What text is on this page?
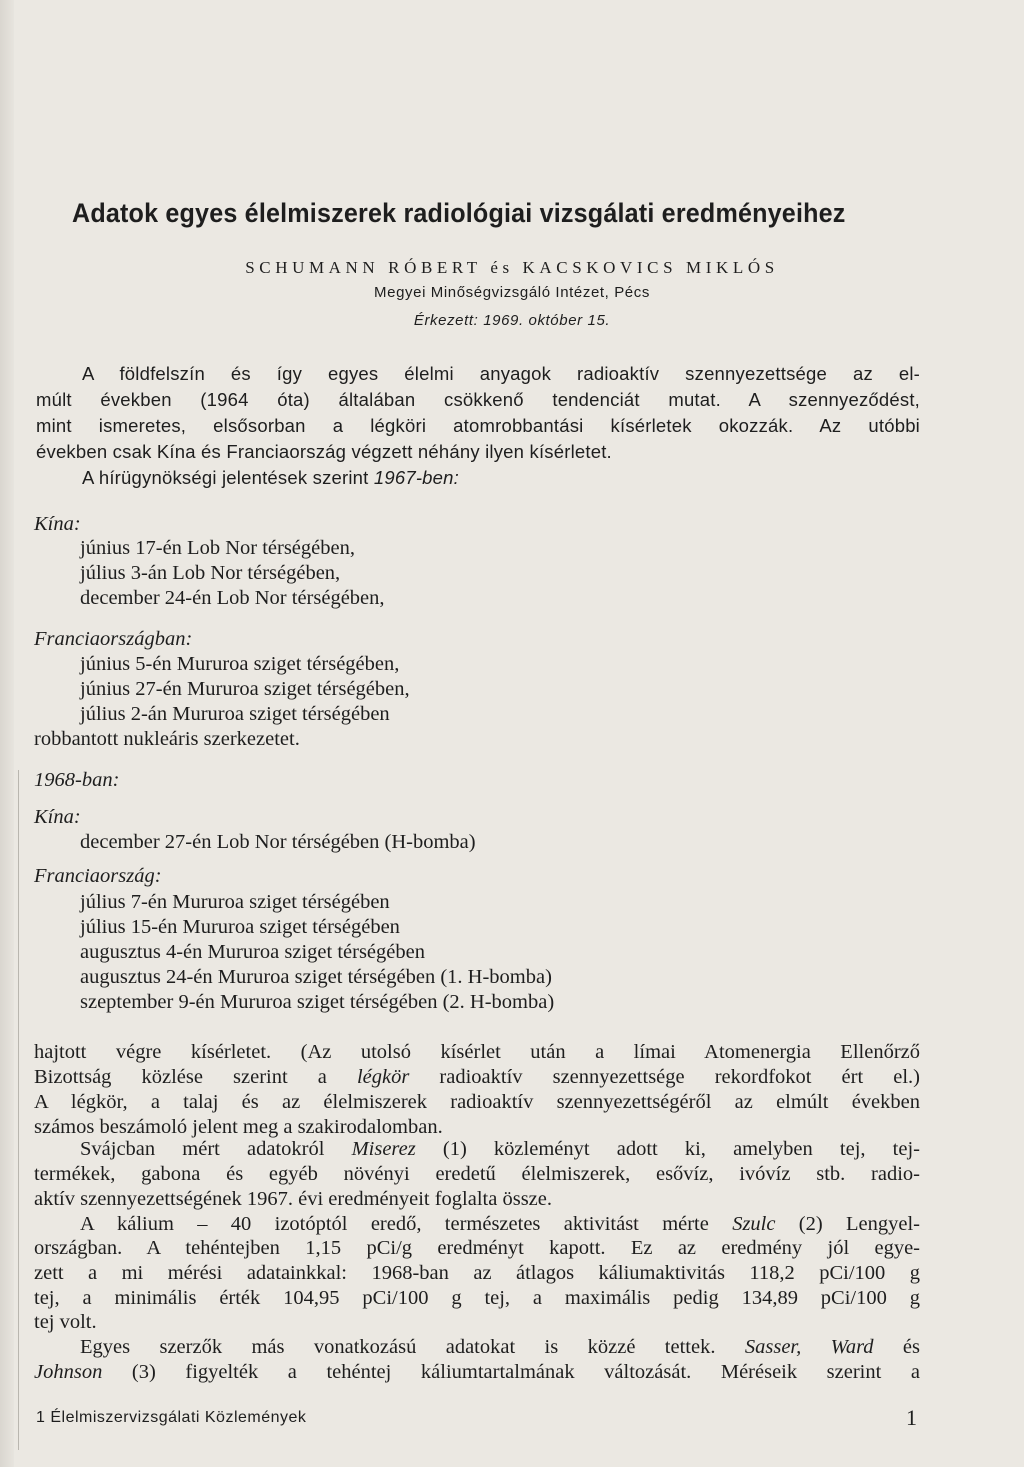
Adatok egyes élelmiszerek radiológiai vizsgálati eredményeihez
SCHUMANN RÓBERT és KACSKOVICS MIKLÓS
Megyei Minőségvizsgáló Intézet, Pécs
Érkezett: 1969. október 15.
A földfelszín és így egyes élelmi anyagok radioaktív szennyezettsége az el-
múlt években (1964 óta) általában csökkenő tendenciát mutat. A szennyeződést,
mint ismeretes, elsősorban a légköri atomrobbantási kísérletek okozzák. Az utóbbi
években csak Kína és Franciaország végzett néhány ilyen kísérletet.
A hírügynökségi jelentések szerint 1967-ben:
Kína:
június 17-én Lob Nor térségében,
július 3-án Lob Nor térségében,
december 24-én Lob Nor térségében,
Franciaországban:
június 5-én Mururoa sziget térségében,
június 27-én Mururoa sziget térségében,
július 2-án Mururoa sziget térségében
robbantott nukleáris szerkezetet.
1968-ban:
Kína:
december 27-én Lob Nor térségében (H-bomba)
Franciaország:
július 7-én Mururoa sziget térségében
július 15-én Mururoa sziget térségében
augusztus 4-én Mururoa sziget térségében
augusztus 24-én Mururoa sziget térségében (1. H-bomba)
szeptember 9-én Mururoa sziget térségében (2. H-bomba)
hajtott végre kísérletet. (Az utolsó kísérlet után a límai Atomenergia Ellenőrző
Bizottság közlése szerint a légkör radioaktív szennyezettsége rekordfokot ért el.)
A légkör, a talaj és az élelmiszerek radioaktív szennyezettségéről az elmúlt években
számos beszámoló jelent meg a szakirodalomban.
Svájcban mért adatokról Miserez (1) közleményt adott ki, amelyben tej, tej-
termékek, gabona és egyéb növényi eredetű élelmiszerek, esővíz, ivóvíz stb. radio-
aktív szennyezettségének 1967. évi eredményeit foglalta össze.
A kálium – 40 izotóptól eredő, természetes aktivitást mérte Szulc (2) Lengyel-
országban. A tehéntejben 1,15 pCi/g eredményt kapott. Ez az eredmény jól egye-
zett a mi mérési adatainkkal: 1968-ban az átlagos káliumaktivitás 118,2 pCi/100 g
tej, a minimális érték 104,95 pCi/100 g tej, a maximális pedig 134,89 pCi/100 g
tej volt.
Egyes szerzők más vonatkozású adatokat is közzé tettek. Sasser, Ward és
Johnson (3) figyelték a tehéntej káliumtartalmának változását. Méréseik szerint a
1 Élelmiszervizsgálati Közlemények	1
